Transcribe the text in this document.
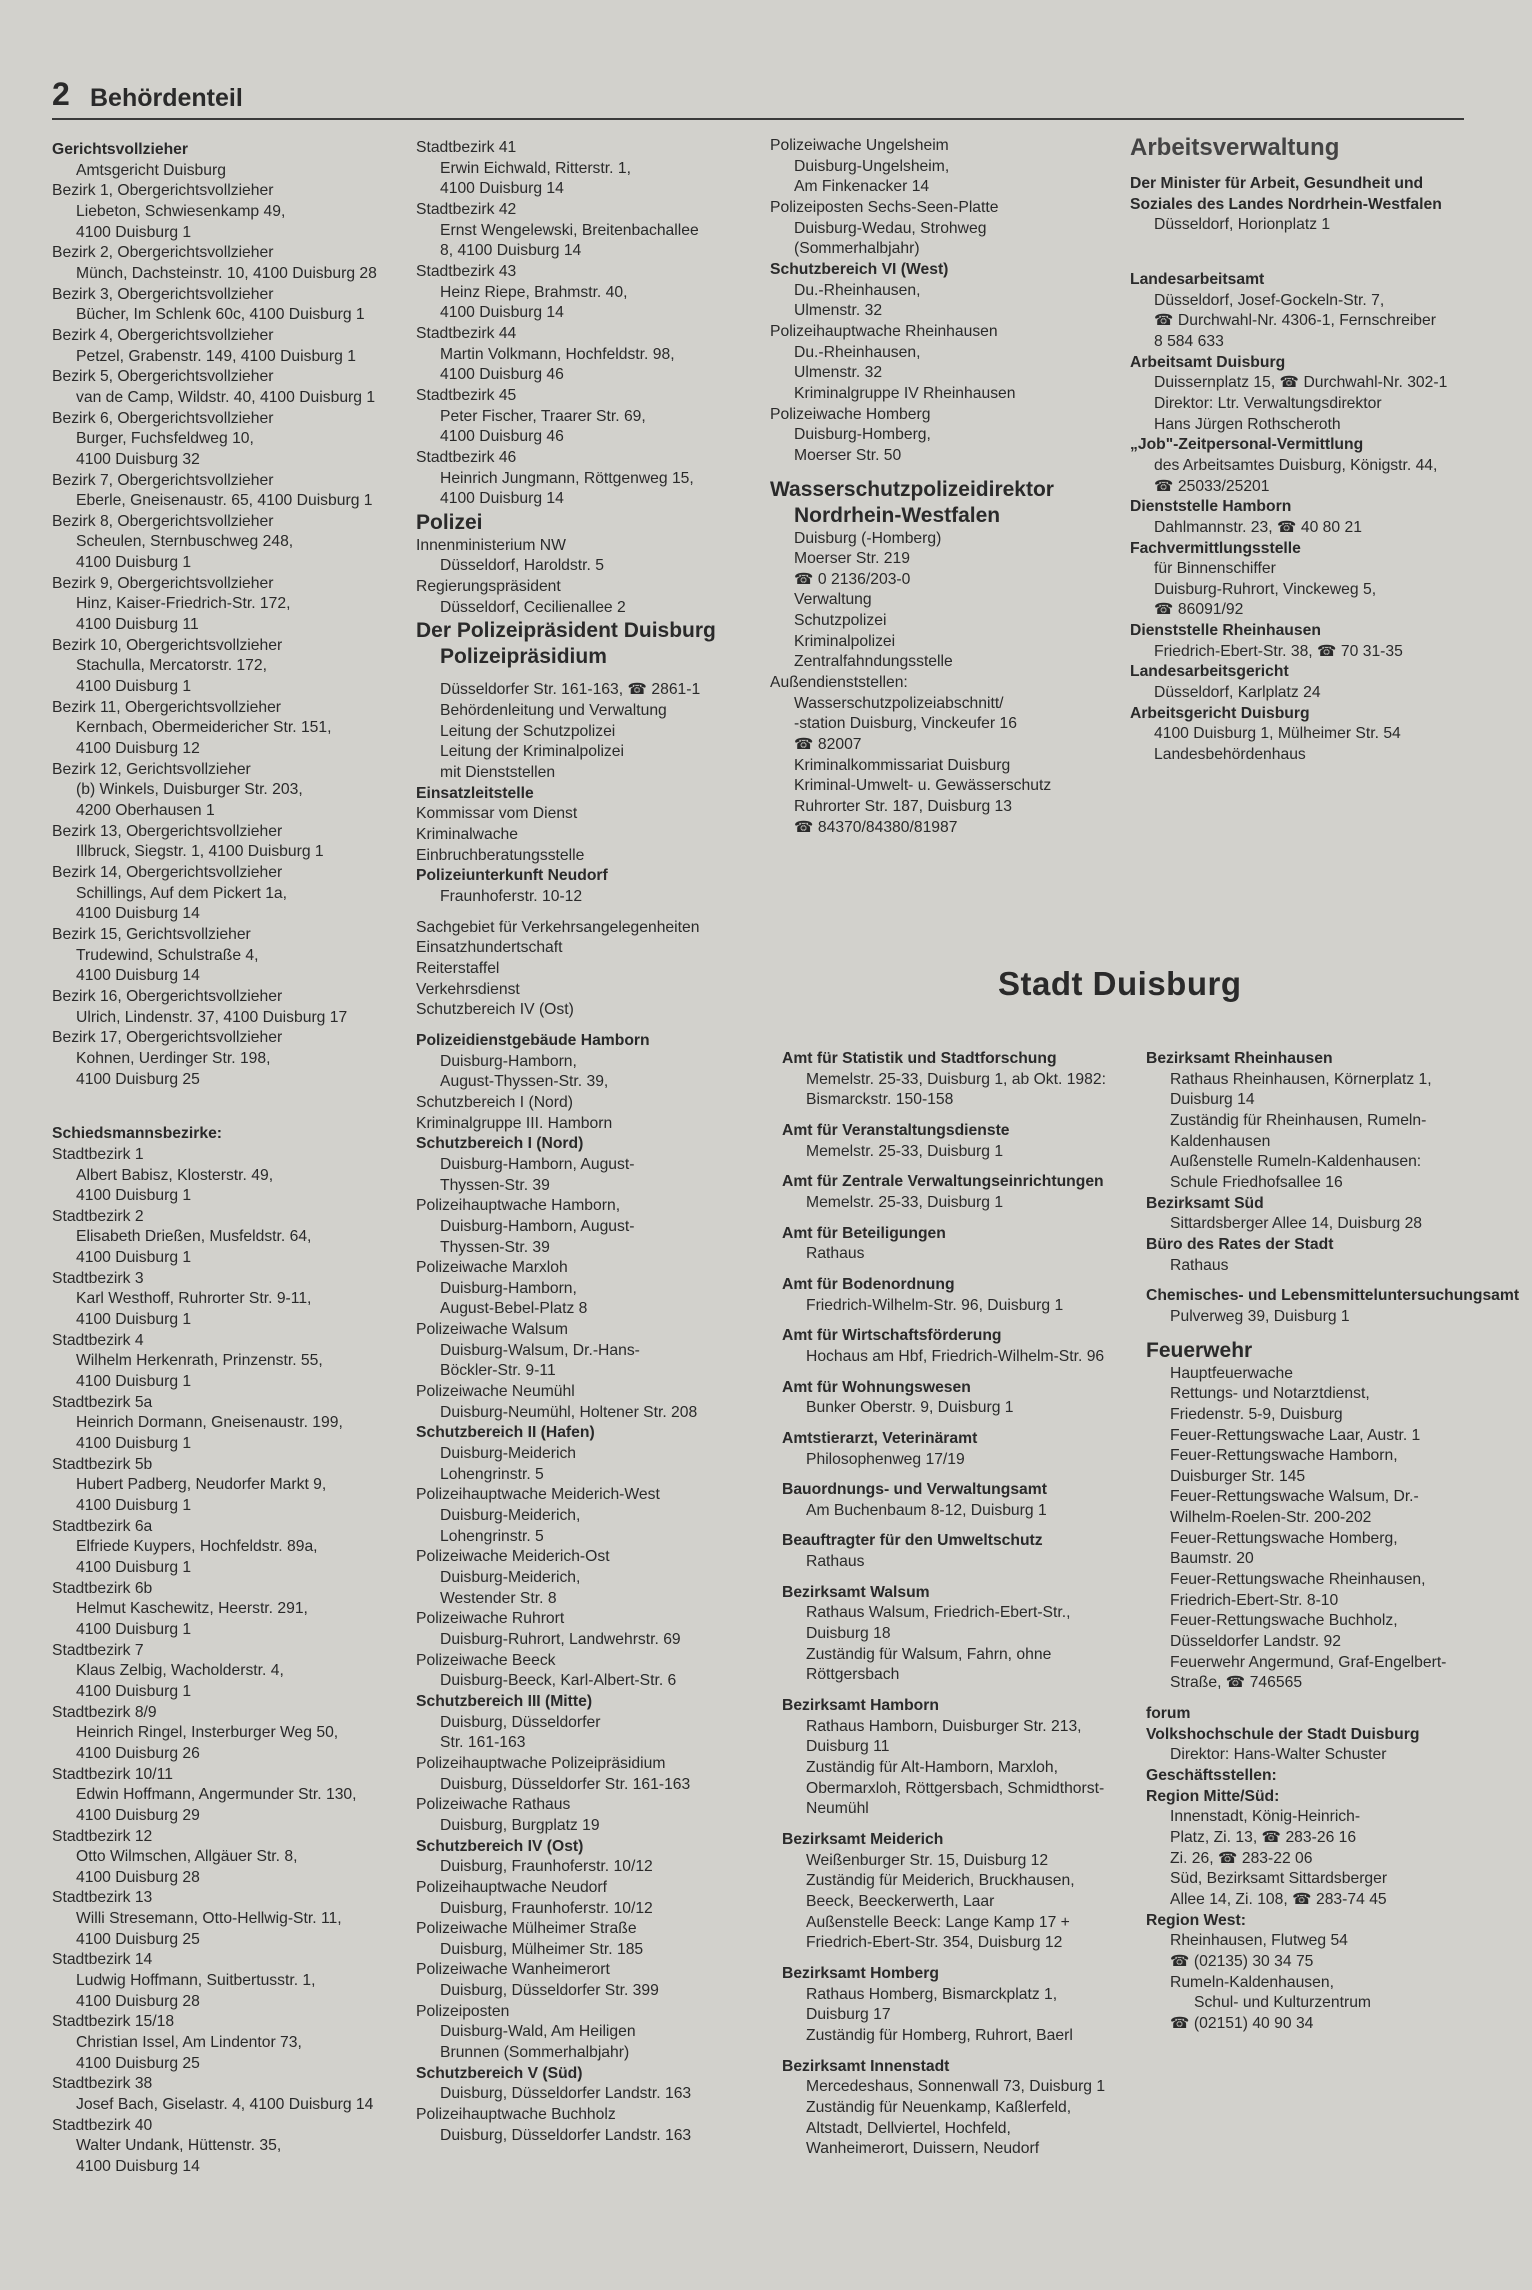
2 Behördenteil
Gerichtsvollzieher
Amtsgericht Duisburg
Bezirk 1, Obergerichtsvollzieher
Liebeton, Schwiesenkamp 49,
4100 Duisburg 1
Bezirk 2, Obergerichtsvollzieher
Münch, Dachsteinstr. 10, 4100 Duisburg 28
Bezirk 3, Obergerichtsvollzieher
Bücher, Im Schlenk 60c, 4100 Duisburg 1
Bezirk 4, Obergerichtsvollzieher
Petzel, Grabenstr. 149, 4100 Duisburg 1
Bezirk 5, Obergerichtsvollzieher
van de Camp, Wildstr. 40, 4100 Duisburg 1
Bezirk 6, Obergerichtsvollzieher
Burger, Fuchsfeldweg 10,
4100 Duisburg 32
Bezirk 7, Obergerichtsvollzieher
Eberle, Gneisenaustr. 65, 4100 Duisburg 1
Bezirk 8, Obergerichtsvollzieher
Scheulen, Sternbuschweg 248,
4100 Duisburg 1
Bezirk 9, Obergerichtsvollzieher
Hinz, Kaiser-Friedrich-Str. 172,
4100 Duisburg 11
Bezirk 10, Obergerichtsvollzieher
Stachulla, Mercatorstr. 172,
4100 Duisburg 1
Bezirk 11, Obergerichtsvollzieher
Kernbach, Obermeidericher Str. 151,
4100 Duisburg 12
Bezirk 12, Gerichtsvollzieher
(b) Winkels, Duisburger Str. 203,
4200 Oberhausen 1
Bezirk 13, Obergerichtsvollzieher
Illbruck, Siegstr. 1, 4100 Duisburg 1
Bezirk 14, Obergerichtsvollzieher
Schillings, Auf dem Pickert 1a,
4100 Duisburg 14
Bezirk 15, Gerichtsvollzieher
Trudewind, Schulstraße 4,
4100 Duisburg 14
Bezirk 16, Obergerichtsvollzieher
Ulrich, Lindenstr. 37, 4100 Duisburg 17
Bezirk 17, Obergerichtsvollzieher
Kohnen, Uerdinger Str. 198,
4100 Duisburg 25
Schiedsmannsbezirke:
Stadtbezirk 1
Albert Babisz, Klosterstr. 49,
4100 Duisburg 1
Stadtbezirk 2
Elisabeth Drießen, Musfeldstr. 64,
4100 Duisburg 1
Stadtbezirk 3
Karl Westhoff, Ruhrorter Str. 9-11,
4100 Duisburg 1
Stadtbezirk 4
Wilhelm Herkenrath, Prinzenstr. 55,
4100 Duisburg 1
Stadtbezirk 5a
Heinrich Dormann, Gneisenaustr. 199,
4100 Duisburg 1
Stadtbezirk 5b
Hubert Padberg, Neudorfer Markt 9,
4100 Duisburg 1
Stadtbezirk 6a
Elfriede Kuypers, Hochfeldstr. 89a,
4100 Duisburg 1
Stadtbezirk 6b
Helmut Kaschewitz, Heerstr. 291,
4100 Duisburg 1
Stadtbezirk 7
Klaus Zelbig, Wacholderstr. 4,
4100 Duisburg 1
Stadtbezirk 8/9
Heinrich Ringel, Insterburger Weg 50,
4100 Duisburg 26
Stadtbezirk 10/11
Edwin Hoffmann, Angermunder Str. 130,
4100 Duisburg 29
Stadtbezirk 12
Otto Wilmschen, Allgäuer Str. 8,
4100 Duisburg 28
Stadtbezirk 13
Willi Stresemann, Otto-Hellwig-Str. 11,
4100 Duisburg 25
Stadtbezirk 14
Ludwig Hoffmann, Suitbertusstr. 1,
4100 Duisburg 28
Stadtbezirk 15/18
Christian Issel, Am Lindentor 73,
4100 Duisburg 25
Stadtbezirk 38
Josef Bach, Giselastr. 4, 4100 Duisburg 14
Stadtbezirk 40
Walter Undank, Hüttenstr. 35,
4100 Duisburg 14
Stadtbezirk 41
Erwin Eichwald, Ritterstr. 1,
4100 Duisburg 14
Stadtbezirk 42
Ernst Wengelewski, Breitenbachallee
8, 4100 Duisburg 14
Stadtbezirk 43
Heinz Riepe, Brahmstr. 40,
4100 Duisburg 14
Stadtbezirk 44
Martin Volkmann, Hochfeldstr. 98,
4100 Duisburg 46
Stadtbezirk 45
Peter Fischer, Traarer Str. 69,
4100 Duisburg 46
Stadtbezirk 46
Heinrich Jungmann, Röttgenweg 15,
4100 Duisburg 14
Polizei
Innenministerium NW
Düsseldorf, Haroldstr. 5
Regierungspräsident
Düsseldorf, Cecilienallee 2
Der Polizeipräsident Duisburg
Polizeipräsidium
Düsseldorfer Str. 161-163, ☎ 2861-1
Behördenleitung und Verwaltung
Leitung der Schutzpolizei
Leitung der Kriminalpolizei
mit Dienststellen
Einsatzleitstelle
Kommissar vom Dienst
Kriminalwache
Einbruchberatungsstelle
Polizeiunterkunft Neudorf
Fraunhoferstr. 10-12
Sachgebiet für Verkehrsangelegenheiten
Einsatzhundertschaft
Reiterstaffel
Verkehrsdienst
Schutzbereich IV (Ost)
Polizeidienstgebäude Hamborn
Duisburg-Hamborn,
August-Thyssen-Str. 39,
Schutzbereich I (Nord)
Kriminalgruppe III. Hamborn
Schutzbereich I (Nord)
Duisburg-Hamborn, August-
Thyssen-Str. 39
Polizeihauptwache Hamborn,
Duisburg-Hamborn, August-
Thyssen-Str. 39
Polizeiwache Marxloh
Duisburg-Hamborn,
August-Bebel-Platz 8
Polizeiwache Walsum
Duisburg-Walsum, Dr.-Hans-
Böckler-Str. 9-11
Polizeiwache Neumühl
Duisburg-Neumühl, Holtener Str. 208
Schutzbereich II (Hafen)
Duisburg-Meiderich
Lohengrinstr. 5
Polizeihauptwache Meiderich-West
Duisburg-Meiderich,
Lohengrinstr. 5
Polizeiwache Meiderich-Ost
Duisburg-Meiderich,
Westender Str. 8
Polizeiwache Ruhrort
Duisburg-Ruhrort, Landwehrstr. 69
Polizeiwache Beeck
Duisburg-Beeck, Karl-Albert-Str. 6
Schutzbereich III (Mitte)
Duisburg, Düsseldorfer
Str. 161-163
Polizeihauptwache Polizeipräsidium
Duisburg, Düsseldorfer Str. 161-163
Polizeiwache Rathaus
Duisburg, Burgplatz 19
Schutzbereich IV (Ost)
Duisburg, Fraunhoferstr. 10/12
Polizeihauptwache Neudorf
Duisburg, Fraunhoferstr. 10/12
Polizeiwache Mülheimer Straße
Duisburg, Mülheimer Str. 185
Polizeiwache Wanheimerort
Duisburg, Düsseldorfer Str. 399
Polizeiposten
Duisburg-Wald, Am Heiligen
Brunnen (Sommerhalbjahr)
Schutzbereich V (Süd)
Duisburg, Düsseldorfer Landstr. 163
Polizeihauptwache Buchholz
Duisburg, Düsseldorfer Landstr. 163
Polizeiwache Ungelsheim
Duisburg-Ungelsheim,
Am Finkenacker 14
Polizeiposten Sechs-Seen-Platte
Duisburg-Wedau, Strohweg
(Sommerhalbjahr)
Schutzbereich VI (West)
Du.-Rheinhausen,
Ulmenstr. 32
Polizeihauptwache Rheinhausen
Du.-Rheinhausen,
Ulmenstr. 32
Kriminalgruppe IV Rheinhausen
Polizeiwache Homberg
Duisburg-Homberg,
Moerser Str. 50
Wasserschutzpolizeidirektor
Nordrhein-Westfalen
Duisburg (-Homberg)
Moerser Str. 219
☎ 0 2136/203-0
Verwaltung
Schutzpolizei
Kriminalpolizei
Zentralfahndungsstelle
Außendienststellen:
Wasserschutzpolizeiabschnitt/
-station Duisburg, Vinckeufer 16
☎ 82007
Kriminalkommissariat Duisburg
Kriminal-Umwelt- u. Gewässerschutz
Ruhrorter Str. 187, Duisburg 13
☎ 84370/84380/81987
Amt für Statistik und Stadtforschung
Memelstr. 25-33, Duisburg 1, ab Okt. 1982:
Bismarckstr. 150-158
Amt für Veranstaltungsdienste
Memelstr. 25-33, Duisburg 1
Amt für Zentrale Verwaltungseinrichtungen
Memelstr. 25-33, Duisburg 1
Amt für Beteiligungen
Rathaus
Amt für Bodenordnung
Friedrich-Wilhelm-Str. 96, Duisburg 1
Amt für Wirtschaftsförderung
Hochaus am Hbf, Friedrich-Wilhelm-Str. 96
Amt für Wohnungswesen
Bunker Oberstr. 9, Duisburg 1
Amtstierarzt, Veterinäramt
Philosophenweg 17/19
Bauordnungs- und Verwaltungsamt
Am Buchenbaum 8-12, Duisburg 1
Beauftragter für den Umweltschutz
Rathaus
Bezirksamt Walsum
Rathaus Walsum, Friedrich-Ebert-Str.,
Duisburg 18
Zuständig für Walsum, Fahrn, ohne
Röttgersbach
Bezirksamt Hamborn
Rathaus Hamborn, Duisburger Str. 213,
Duisburg 11
Zuständig für Alt-Hamborn, Marxloh,
Obermarxloh, Röttgersbach, Schmidthorst-
Neumühl
Bezirksamt Meiderich
Weißenburger Str. 15, Duisburg 12
Zuständig für Meiderich, Bruckhausen,
Beeck, Beeckerwerth, Laar
Außenstelle Beeck: Lange Kamp 17 +
Friedrich-Ebert-Str. 354, Duisburg 12
Bezirksamt Homberg
Rathaus Homberg, Bismarckplatz 1,
Duisburg 17
Zuständig für Homberg, Ruhrort, Baerl
Bezirksamt Innenstadt
Mercedeshaus, Sonnenwall 73, Duisburg 1
Zuständig für Neuenkamp, Kaßlerfeld,
Altstadt, Dellviertel, Hochfeld,
Wanheimerort, Duissern, Neudorf
Arbeitsverwaltung
Der Minister für Arbeit, Gesundheit und
Soziales des Landes Nordrhein-Westfalen
Düsseldorf, Horionplatz 1
Landesarbeitsamt
Düsseldorf, Josef-Gockeln-Str. 7,
☎ Durchwahl-Nr. 4306-1, Fernschreiber
8 584 633
Arbeitsamt Duisburg
Duissernplatz 15, ☎ Durchwahl-Nr. 302-1
Direktor: Ltr. Verwaltungsdirektor
Hans Jürgen Rothscheroth
„Job"-Zeitpersonal-Vermittlung
des Arbeitsamtes Duisburg, Königstr. 44,
☎ 25033/25201
Dienststelle Hamborn
Dahlmannstr. 23, ☎ 40 80 21
Fachvermittlungsstelle
für Binnenschiffer
Duisburg-Ruhrort, Vinckeweg 5,
☎ 86091/92
Dienststelle Rheinhausen
Friedrich-Ebert-Str. 38, ☎ 70 31-35
Landesarbeitsgericht
Düsseldorf, Karlplatz 24
Arbeitsgericht Duisburg
4100 Duisburg 1, Mülheimer Str. 54
Landesbehördenhaus
Bezirksamt Rheinhausen
Rathaus Rheinhausen, Körnerplatz 1,
Duisburg 14
Zuständig für Rheinhausen, Rumeln-
Kaldenhausen
Außenstelle Rumeln-Kaldenhausen:
Schule Friedhofsallee 16
Bezirksamt Süd
Sittardsberger Allee 14, Duisburg 28
Büro des Rates der Stadt
Rathaus
Chemisches- und Lebensmitteluntersuchungsamt
Pulverweg 39, Duisburg 1
Feuerwehr
Hauptfeuerwache
Rettungs- und Notarztdienst,
Friedenstr. 5-9, Duisburg
Feuer-Rettungswache Laar, Austr. 1
Feuer-Rettungswache Hamborn,
Duisburger Str. 145
Feuer-Rettungswache Walsum, Dr.-
Wilhelm-Roelen-Str. 200-202
Feuer-Rettungswache Homberg,
Baumstr. 20
Feuer-Rettungswache Rheinhausen,
Friedrich-Ebert-Str. 8-10
Feuer-Rettungswache Buchholz,
Düsseldorfer Landstr. 92
Feuerwehr Angermund, Graf-Engelbert-
Straße, ☎ 746565
forum
Volkshochschule der Stadt Duisburg
Direktor: Hans-Walter Schuster
Geschäftsstellen:
Region Mitte/Süd:
Innenstadt, König-Heinrich-
Platz, Zi. 13, ☎ 283-26 16
Zi. 26, ☎ 283-22 06
Süd, Bezirksamt Sittardsberger
Allee 14, Zi. 108, ☎ 283-74 45
Region West:
Rheinhausen, Flutweg 54
☎ (02135) 30 34 75
Rumeln-Kaldenhausen,
Schul- und Kulturzentrum
☎ (02151) 40 90 34
Stadt Duisburg
